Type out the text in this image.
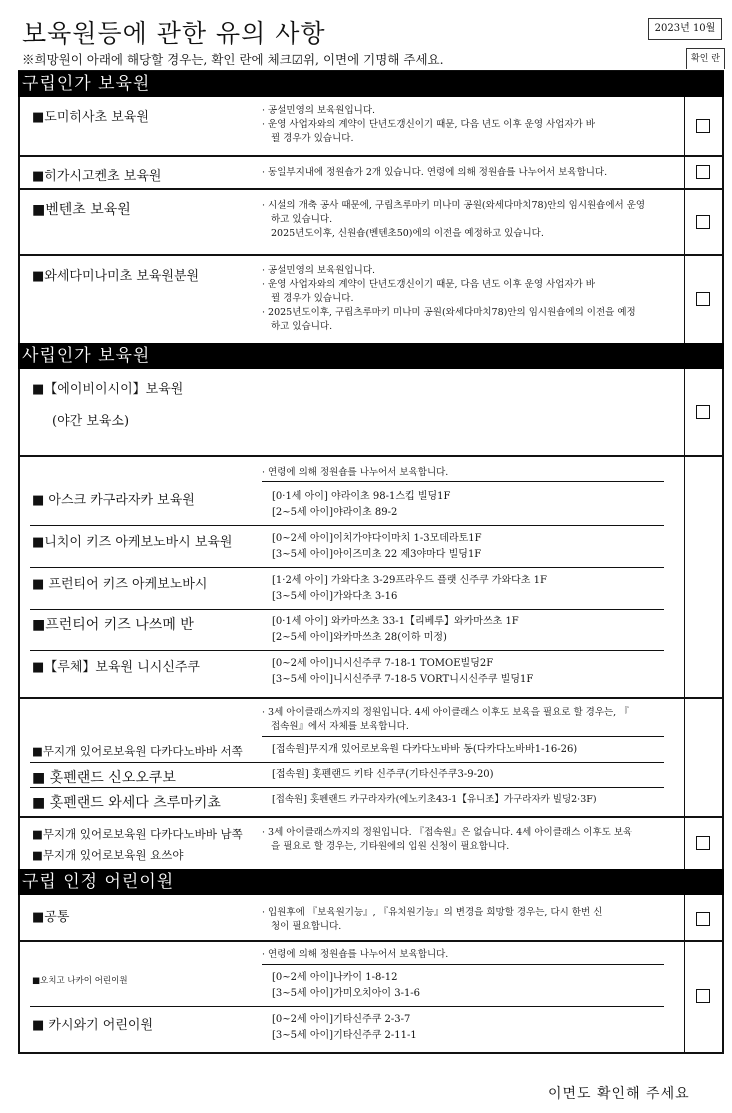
보육원등에 관한 유의 사항	2023년 10월
※희망원이 아래에 해당할 경우는, 확인 란에 체크☑위, 이면에 기명해 주세요.	확인 란
구립인가 보육원
■도미히사초 보육원	· 공설민영의 보육원입니다.
· 운영 사업자와의 계약이 단년도갱신이기 때문, 다음 년도 이후 운영 사업자가 바
뀔 경우가 있습니다.
■히가시고켄초 보육원	· 동일부지내에 정원숍가 2개 있습니다. 연령에 의해 정원숍를 나누어서 보육합니다.
■벤텐초 보육원	· 시설의 개축 공사 때문에, 구립츠루마키 미나미 공원(와세다마치78)안의 임시원숍에서 운영
하고 있습니다.
2025년도이후, 신원숍(벤텐초50)에의 이전을 예정하고 있습니다.
■와세다미나미초 보육원분원	· 공설민영의 보육원입니다.
· 운영 사업자와의 계약이 단년도갱신이기 때문, 다음 년도 이후 운영 사업자가 바
뀔 경우가 있습니다.
· 2025년도이후, 구립츠루마키 미나미 공원(와세다마치78)안의 임시원숍에의 이전을 예정
하고 있습니다.
사립인가 보육원
■【에이비이시이】보육원
(야간 보육소)
· 연령에 의해 정원숍를 나누어서 보육합니다.
■ 아스크 카구라자카 보육원	[0·1세 아이] 야라이초 98-1스킵 빌딩1F
[2~5세 아이]야라이초 89-2
■니치이 키즈 아케보노바시 보육원	[0~2세 아이]이치가야다이마치 1-3모데라토1F
[3~5세 아이]아이즈미초 22 제3야마다 빌딩1F
■ 프런티어 키즈 아케보노바시	[1·2세 아이] 가와다초 3-29프라우드 플랫 신주쿠 가와다초 1F
[3~5세 아이]가와다초 3-16
■프런티어 키즈 나쓰메 반	[0·1세 아이] 와카마쓰초 33-1【리베루】와카마쓰초 1F
[2~5세 아이]와카마쓰초 28(이하 미정)
■【루체】보육원 니시신주쿠	[0~2세 아이]니시신주쿠 7-18-1 TOMOE빌딩2F
[3~5세 아이]니시신주쿠 7-18-5 VORT니시신주쿠 빌딩1F
· 3세 아이클래스까지의 정원입니다. 4세 아이클래스 이후도 보육을 필요로 할 경우는, 『
접속원』에서 자체를 보육합니다.
■무지개 있어로보육원 다카다노바바 서쪽	[접속원]무지개 있어로보육원 다카다노바바 동(다카다노바바1-16-26)
■ 홋펜랜드 신오오쿠보	[접속원] 홋펜랜드 키타 신주쿠(기타신주쿠3-9-20)
■ 홋펜랜드 와세다 츠루마키쵸	[접속원] 홋펜랜드 카구라자카(에노키초43-1【유니조】가구라자카 빌딩2·3F)
■무지개 있어로보육원 다카다노바바 남쪽
■무지개 있어로보육원 요쓰야
· 3세 아이클래스까지의 정원입니다. 『접속원』은 없습니다. 4세 아이클래스 이후도 보육
을 필요로 할 경우는, 기타원에의 입원 신청이 필요합니다.
구립 인정 어린이원
■공통	· 입원후에 『보육원기능』, 『유치원기능』의 변경을 희망할 경우는, 다시 한번 신
청이 필요합니다.
· 연령에 의해 정원숍를 나누어서 보육합니다.
■오치고 나카이 어린이원	[0~2세 아이]나카이 1-8-12
[3~5세 아이]가미오치아이 3-1-6
■ 카시와기 어린이원	[0~2세 아이]기타신주쿠 2-3-7
[3~5세 아이]기타신주쿠 2-11-1
이면도 확인해 주세요
